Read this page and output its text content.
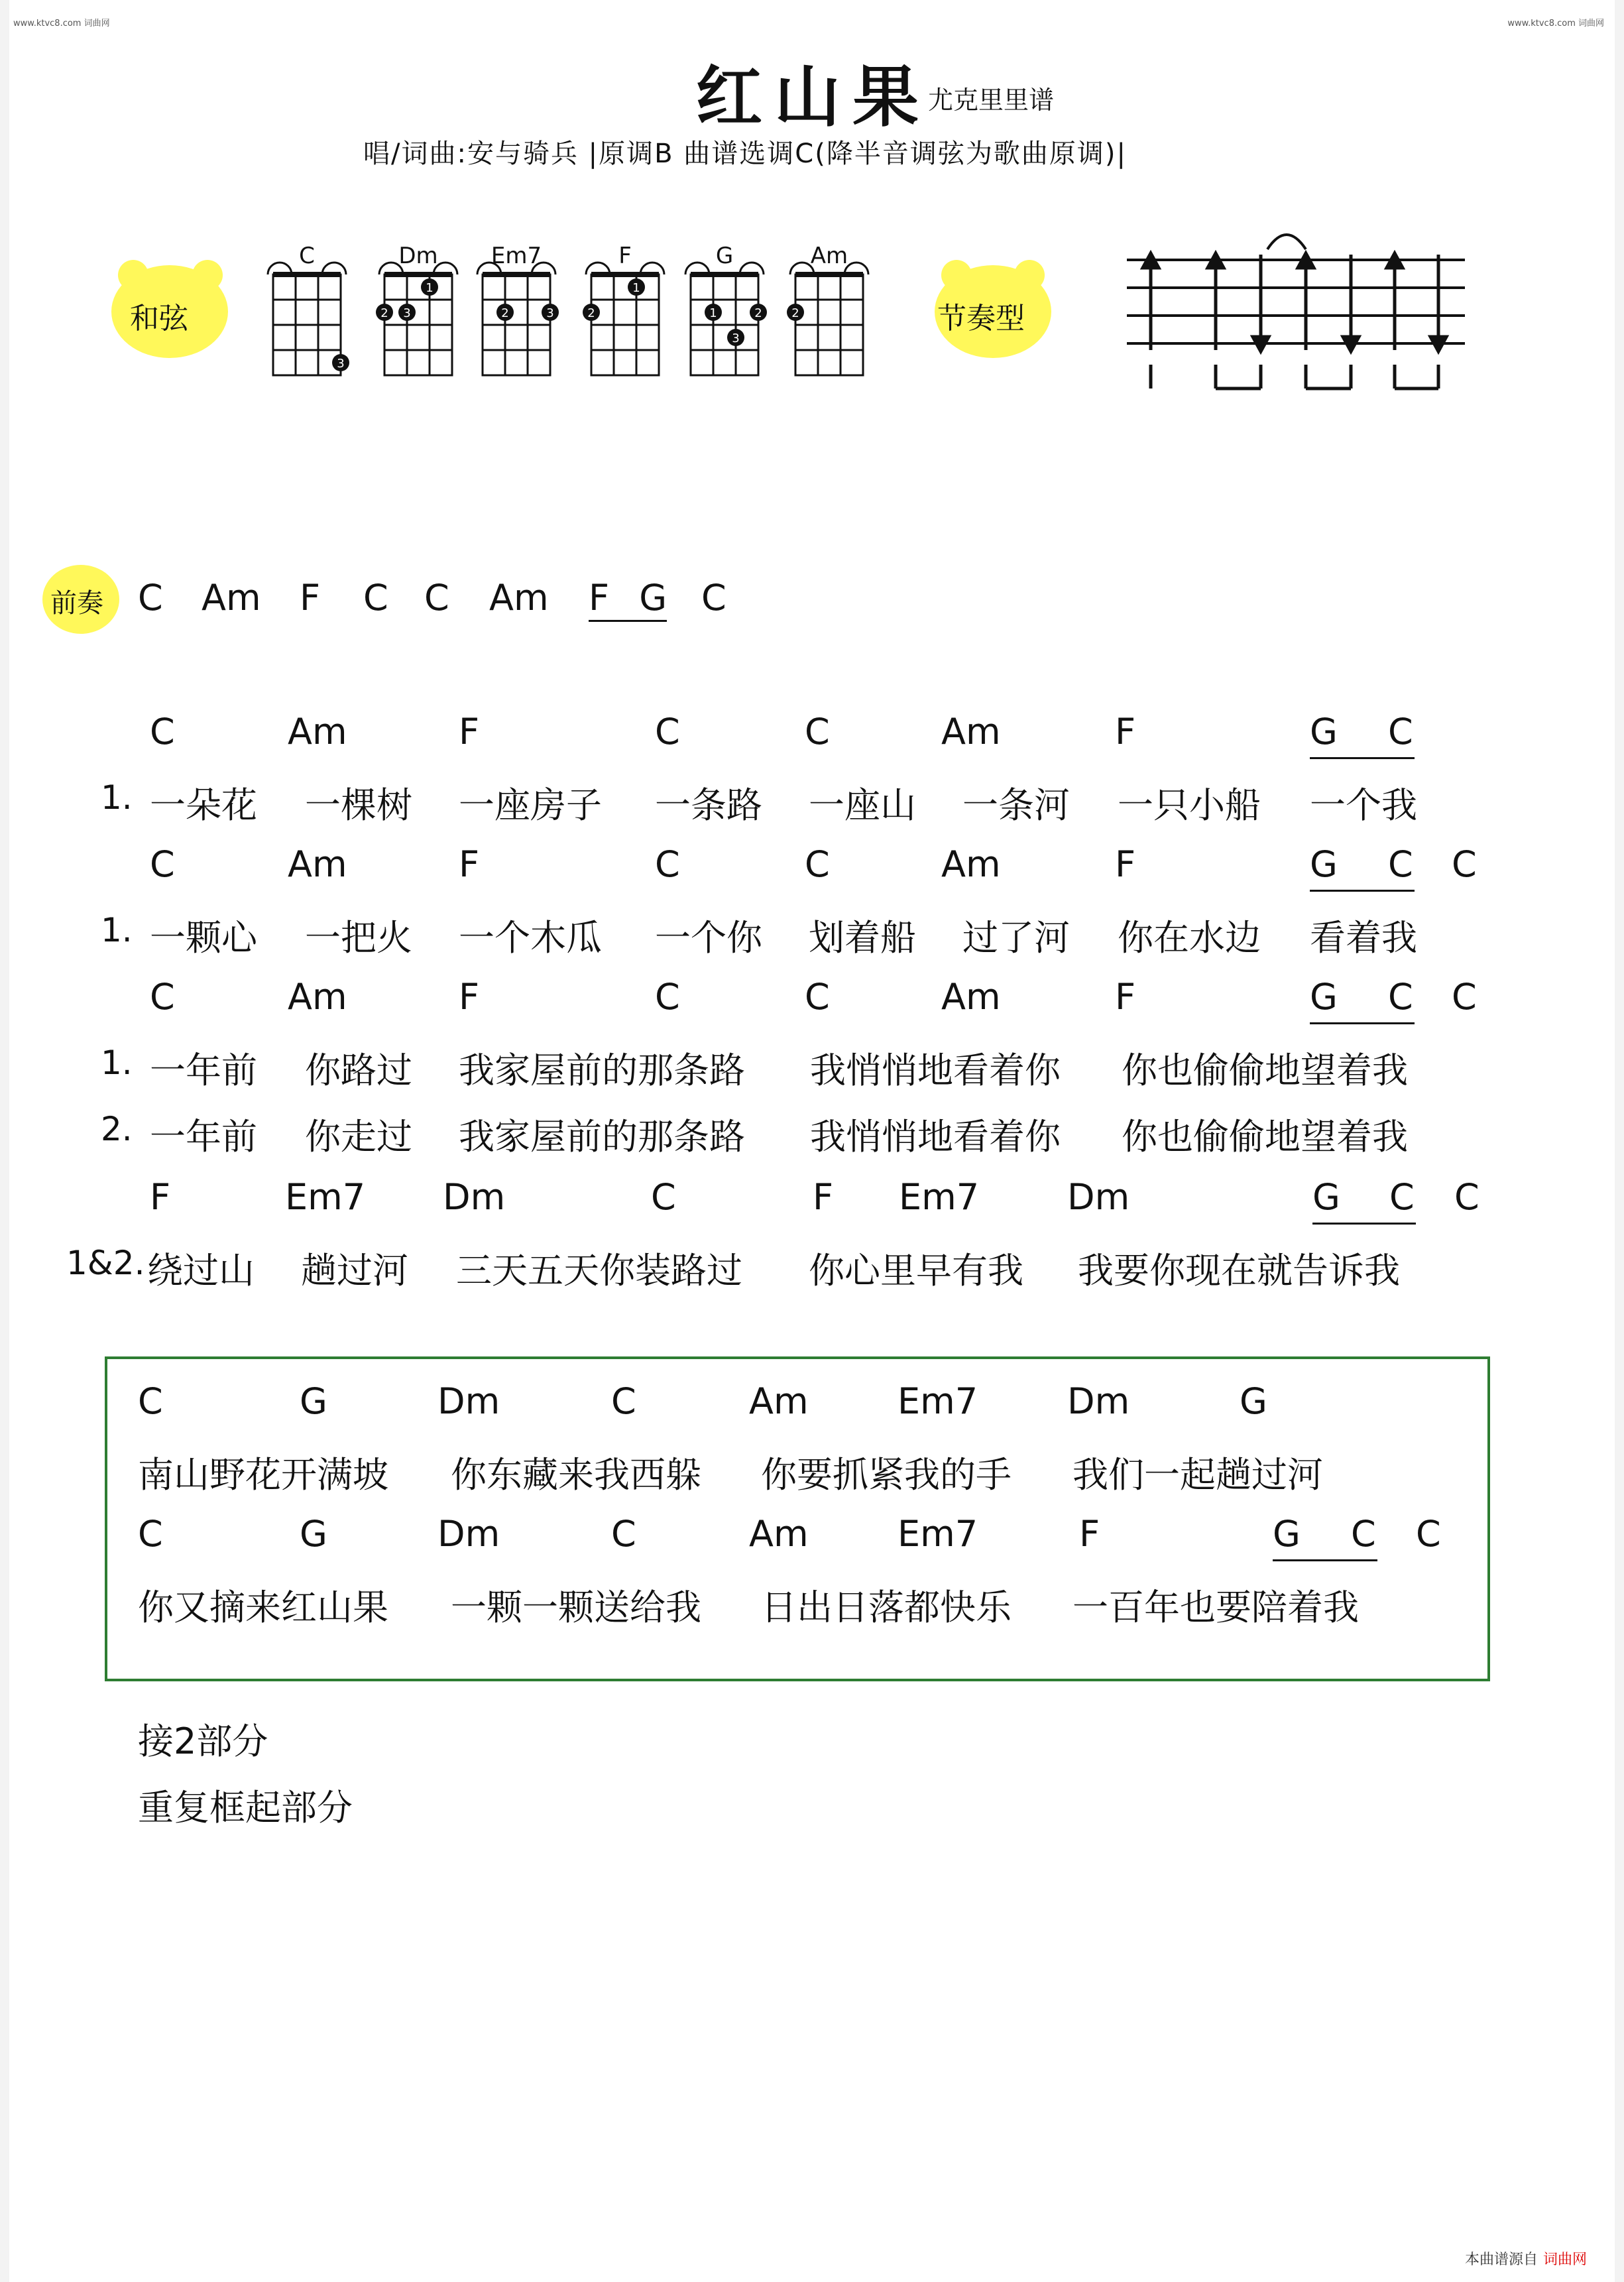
www.ktvc8.com 词曲网	www.ktvc8.com 词曲网
红山果
尤克里里谱
唱/词曲:安与骑兵 |原调B 曲谱选调C(降半音调弦为歌曲原调)|
和弦
3
2 3
1
2	3	2
1
1
3
2 2
C	Dm	Em7	F	G	Am
节奏型
前奏 C Am F C C Am F G C
C	Am	F	C	C	Am	F	G C
1. 一朵花 一棵树 一座房子 一条路 一座山 一条河 一只小船 一个我
C	Am	F	C	C	Am	F	G C C
1. 一颗心 一把火 一个木瓜 一个你 划着船 过了河 你在水边 看着我
C	Am	F	C	C	Am	F	G C C
1. 一年前 你路过 我家屋前的那条路 我悄悄地看着你 你也偷偷地望着我
2. 一年前 你走过 我家屋前的那条路 我悄悄地看着你 你也偷偷地望着我
F	Em7 Dm	C	F Em7 Dm	G C C
1&2. 绕过山 趟过河 三天五天你装路过 你心里早有我 我要你现在就告诉我
C	G	Dm	C	Am Em7 Dm	G
南山野花开满坡 你东藏来我西躲 你要抓紧我的手 我们一起趟过河
C	G	Dm	C	Am Em7	F	G C C
你又摘来红山果 一颗一颗送给我 日出日落都快乐 一百年也要陪着我
接2部分
重复框起部分
本曲谱源自 词曲网
